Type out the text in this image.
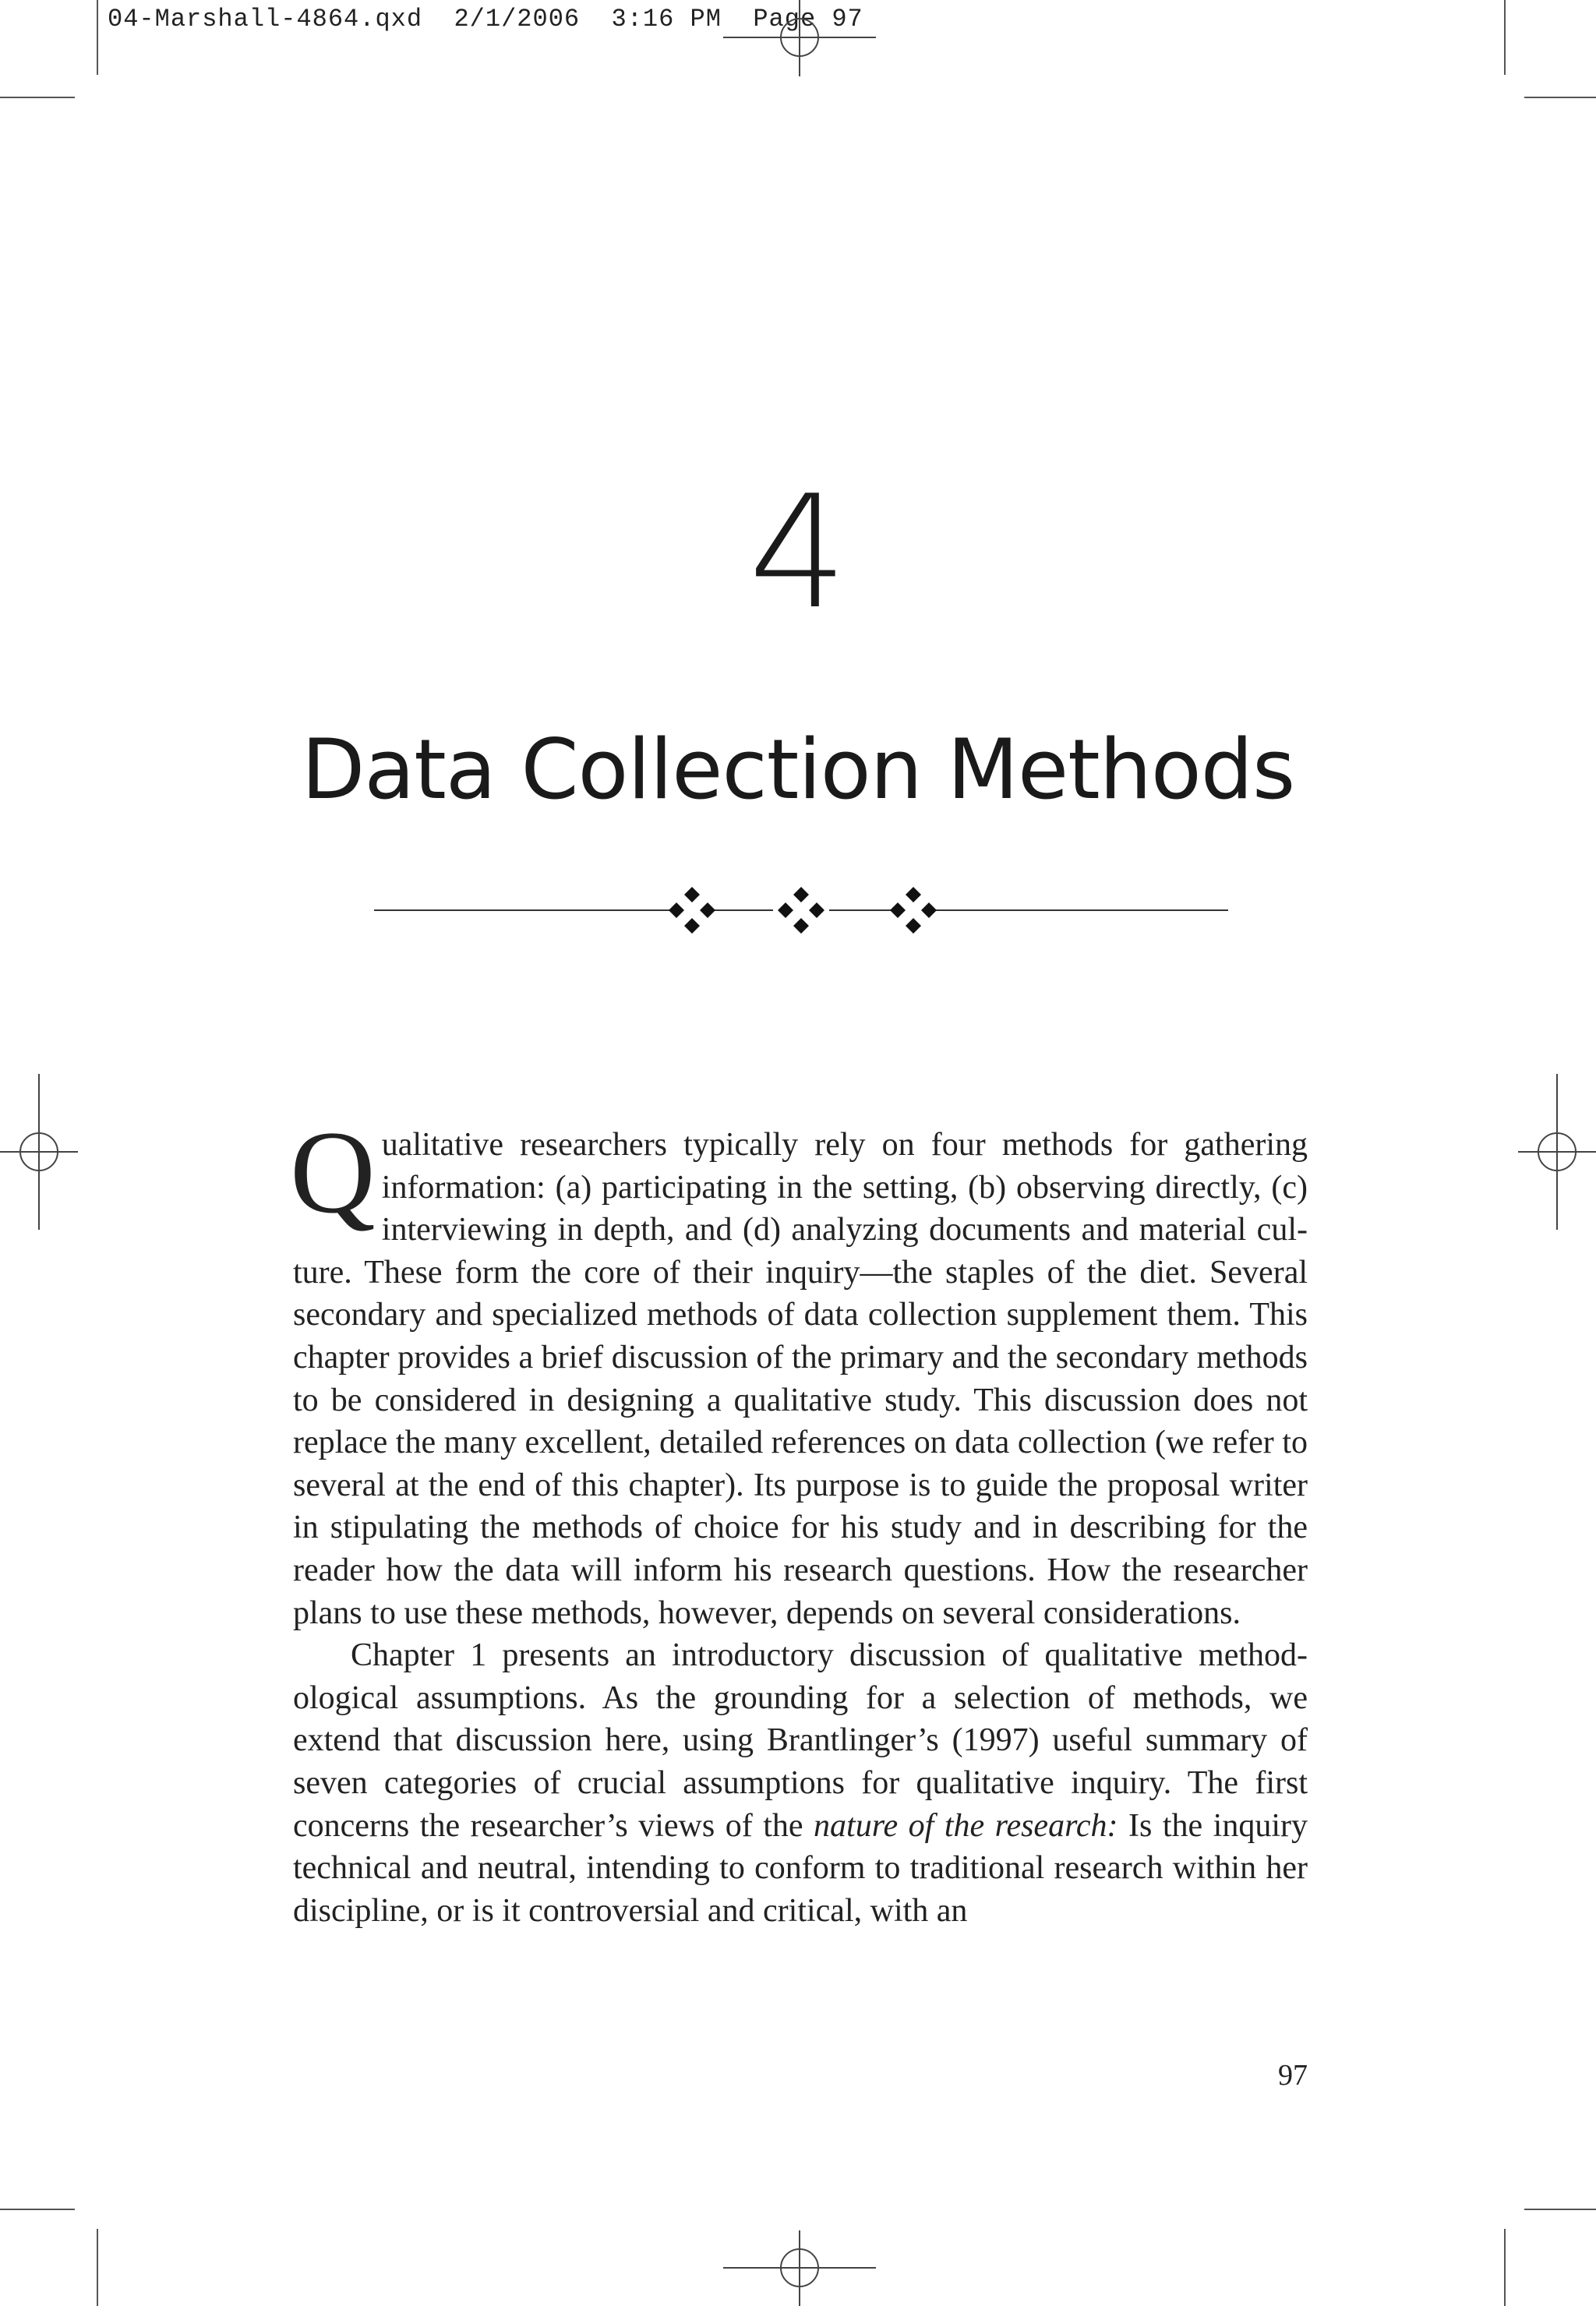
04-Marshall-4864.qxd  2/1/2006  3:16 PM  Page 97
4
Data Collection Methods

Qualitative researchers typically rely on four methods for gathering information: (a) participating in the setting, (b) observing directly, (c) interviewing in depth, and (d) analyzing documents and material culture. These form the core of their inquiry—the staples of the diet. Several secondary and specialized methods of data collection supplement them. This chapter provides a brief discussion of the primary and the secondary methods to be considered in designing a qualitative study. This discussion does not replace the many excellent, detailed references on data collection (we refer to several at the end of this chapter). Its purpose is to guide the proposal writer in stipulating the methods of choice for his study and in describing for the reader how the data will inform his research questions. How the researcher plans to use these methods, however, depends on several considerations.

Chapter 1 presents an introductory discussion of qualitative methodological assumptions. As the grounding for a selection of methods, we extend that discussion here, using Brantlinger’s (1997) useful summary of seven categories of crucial assumptions for qualitative inquiry. The first concerns the researcher’s views of the nature of the research: Is the inquiry technical and neutral, intending to conform to traditional research within her discipline, or is it controversial and critical, with an

97
